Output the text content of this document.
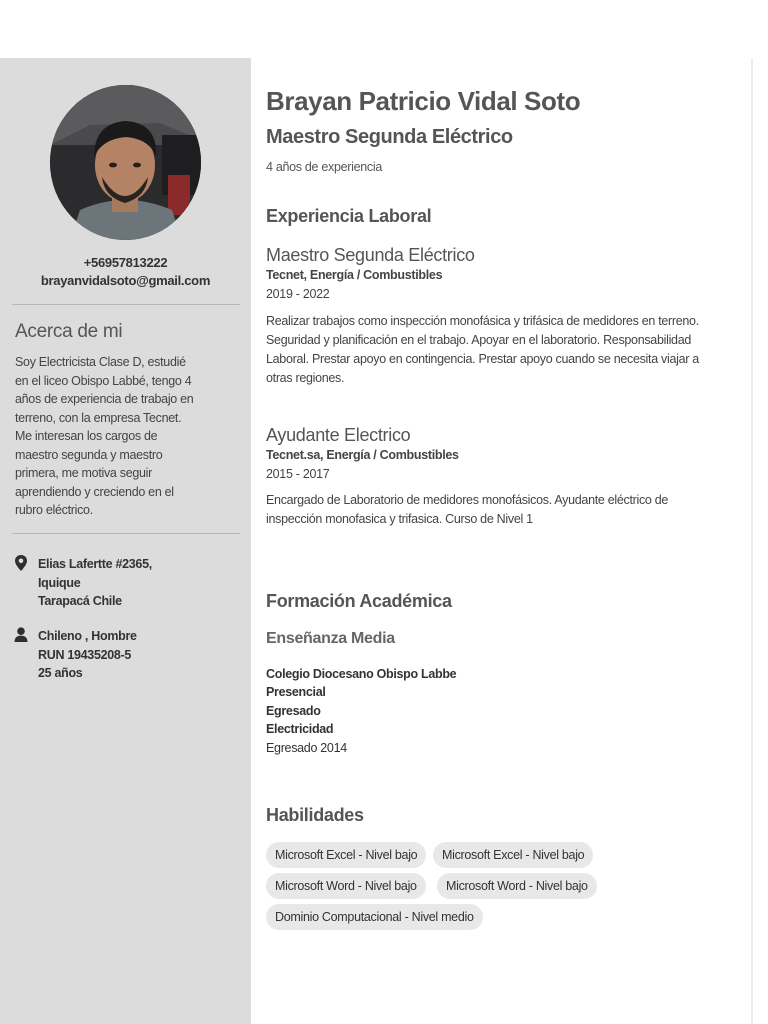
+56957813222
brayanvidalsoto@gmail.com
Acerca de mi
Soy Electricista Clase D, estudié en el liceo Obispo Labbé, tengo 4 años de experiencia de trabajo en terreno, con la empresa Tecnet. Me interesan los cargos de maestro segunda y maestro primera, me motiva seguir aprendiendo y creciendo en el rubro eléctrico.
Elias Lafertte #2365,
Iquique
Tarapacá Chile
Chileno , Hombre
RUN 19435208-5
25 años
Brayan Patricio Vidal Soto
Maestro Segunda Eléctrico
4 años de experiencia
Experiencia Laboral
Maestro Segunda Eléctrico
Tecnet, Energía / Combustibles
2019 - 2022
Realizar trabajos como inspección monofásica y trifásica de medidores en terreno. Seguridad y planificación en el trabajo. Apoyar en el laboratorio. Responsabilidad Laboral. Prestar apoyo en contingencia. Prestar apoyo cuando se necesita viajar a otras regiones.
Ayudante Electrico
Tecnet.sa, Energía / Combustibles
2015 - 2017
Encargado de Laboratorio de medidores monofásicos. Ayudante eléctrico de inspección monofasica y trifasica. Curso de Nivel 1
Formación Académica
Enseñanza Media
Colegio Diocesano Obispo Labbe
Presencial
Egresado
Electricidad
Egresado 2014
Habilidades
Microsoft Excel - Nivel bajo	Microsoft Excel - Nivel bajo
Microsoft Word - Nivel bajo	Microsoft Word - Nivel bajo
Dominio Computacional - Nivel medio
